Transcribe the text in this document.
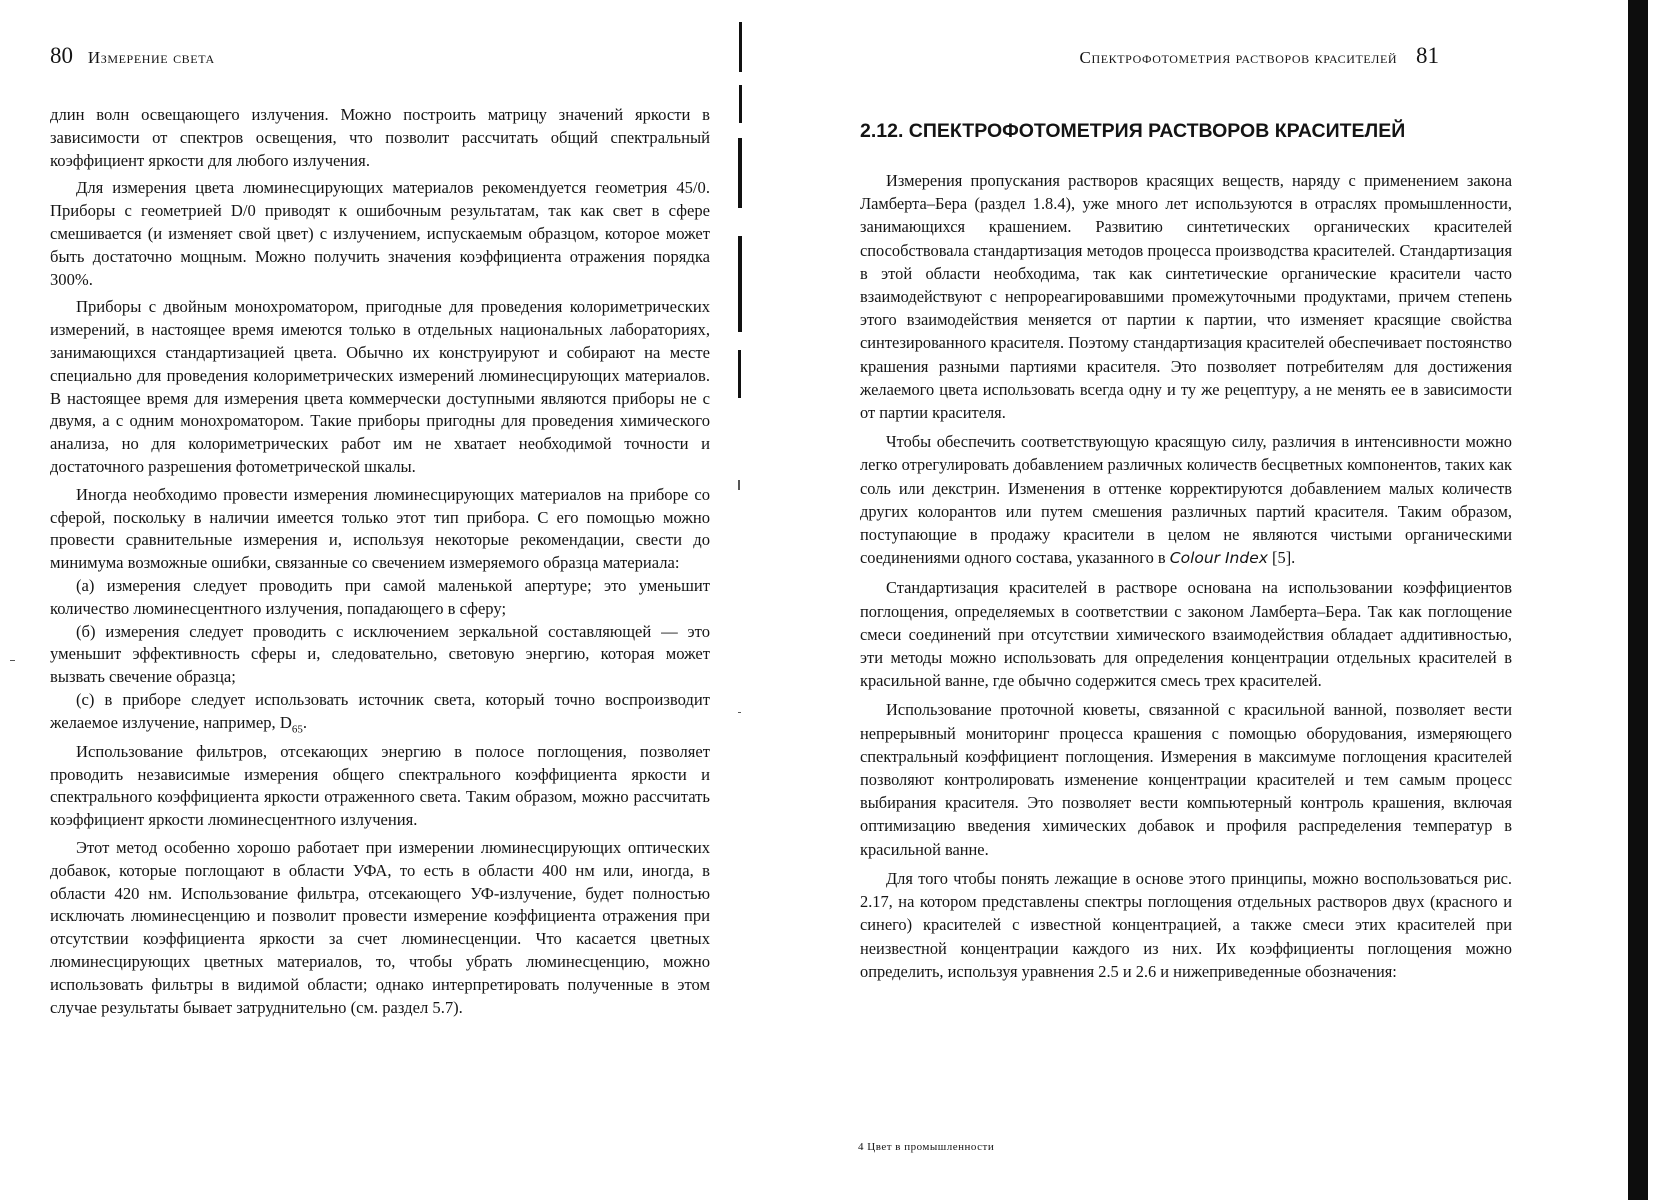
80 Измерение света

длин волн освещающего излучения. Можно построить матрицу значений яркости в зависимости от спектров освещения, что позволит рассчитать общий спектральный коэффициент яркости для любого излучения.

Для измерения цвета люминесцирующих материалов рекомендуется геометрия 45/0. Приборы с геометрией D/0 приводят к ошибочным результатам, так как свет в сфере смешивается (и изменяет свой цвет) с излучением, испускаемым образцом, которое может быть достаточно мощным. Можно получить значения коэффициента отражения порядка 300%.

Приборы с двойным монохроматором, пригодные для проведения колориметрических измерений, в настоящее время имеются только в отдельных национальных лабораториях, занимающихся стандартизацией цвета. Обычно их конструируют и собирают на месте специально для проведения колориметрических измерений люминесцирующих материалов. В настоящее время для измерения цвета коммерчески доступными являются приборы не с двумя, а с одним монохроматором. Такие приборы пригодны для проведения химического анализа, но для колориметрических работ им не хватает необходимой точности и достаточного разрешения фотометрической шкалы.

Иногда необходимо провести измерения люминесцирующих материалов на приборе со сферой, поскольку в наличии имеется только этот тип прибора. С его помощью можно провести сравнительные измерения и, используя некоторые рекомендации, свести до минимума возможные ошибки, связанные со свечением измеряемого образца материала:

(а) измерения следует проводить при самой маленькой апертуре; это уменьшит количество люминесцентного излучения, попадающего в сферу;

(б) измерения следует проводить с исключением зеркальной составляющей — это уменьшит эффективность сферы и, следовательно, световую энергию, которая может вызвать свечение образца;

(с) в приборе следует использовать источник света, который точно воспроизводит желаемое излучение, например, $D_{65}$.

Использование фильтров, отсекающих энергию в полосе поглощения, позволяет проводить независимые измерения общего спектрального коэффициента яркости и спектрального коэффициента яркости отраженного света. Таким образом, можно рассчитать коэффициент яркости люминесцентного излучения.

Этот метод особенно хорошо работает при измерении люминесцирующих оптических добавок, которые поглощают в области УФА, то есть в области 400 нм или, иногда, в области 420 нм. Использование фильтра, отсекающего УФ-излучение, будет полностью исключать люминесценцию и позволит провести измерение коэффициента отражения при отсутствии коэффициента яркости за счет люминесценции. Что касается цветных люминесцирующих цветных материалов, то, чтобы убрать люминесценцию, можно использовать фильтры в видимой области; однако интерпретировать полученные в этом случае результаты бывает затруднительно (см. раздел 5.7).

Спектрофотометрия растворов красителей 81
2.12. СПЕКТРОФОТОМЕТРИЯ РАСТВОРОВ КРАСИТЕЛЕЙ

Измерения пропускания растворов красящих веществ, наряду с применением закона Ламберта–Бера (раздел 1.8.4), уже много лет используются в отраслях промышленности, занимающихся крашением. Развитию синтетических органических красителей способствовала стандартизация методов процесса производства красителей. Стандартизация в этой области необходима, так как синтетические органические красители часто взаимодействуют с непрореагировавшими промежуточными продуктами, причем степень этого взаимодействия меняется от партии к партии, что изменяет красящие свойства синтезированного красителя. Поэтому стандартизация красителей обеспечивает постоянство крашения разными партиями красителя. Это позволяет потребителям для достижения желаемого цвета использовать всегда одну и ту же рецептуру, а не менять ее в зависимости от партии красителя.

Чтобы обеспечить соответствующую красящую силу, различия в интенсивности можно легко отрегулировать добавлением различных количеств бесцветных компонентов, таких как соль или декстрин. Изменения в оттенке корректируются добавлением малых количеств других колорантов или путем смешения различных партий красителя. Таким образом, поступающие в продажу красители в целом не являются чистыми органическими соединениями одного состава, указанного в Colour Index [5].

Стандартизация красителей в растворе основана на использовании коэффициентов поглощения, определяемых в соответствии с законом Ламберта–Бера. Так как поглощение смеси соединений при отсутствии химического взаимодействия обладает аддитивностью, эти методы можно использовать для определения концентрации отдельных красителей в красильной ванне, где обычно содержится смесь трех красителей.

Использование проточной кюветы, связанной с красильной ванной, позволяет вести непрерывный мониторинг процесса крашения с помощью оборудования, измеряющего спектральный коэффициент поглощения. Измерения в максимуме поглощения красителей позволяют контролировать изменение концентрации красителей и тем самым процесс выбирания красителя. Это позволяет вести компьютерный контроль крашения, включая оптимизацию введения химических добавок и профиля распределения температур в красильной ванне.

Для того чтобы понять лежащие в основе этого принципы, можно воспользоваться рис. 2.17, на котором представлены спектры поглощения отдельных растворов двух (красного и синего) красителей с известной концентрацией, а также смеси этих красителей при неизвестной концентрации каждого из них. Их коэффициенты поглощения можно определить, используя уравнения 2.5 и 2.6 и нижеприведенные обозначения:

4 Цвет в промышленности
